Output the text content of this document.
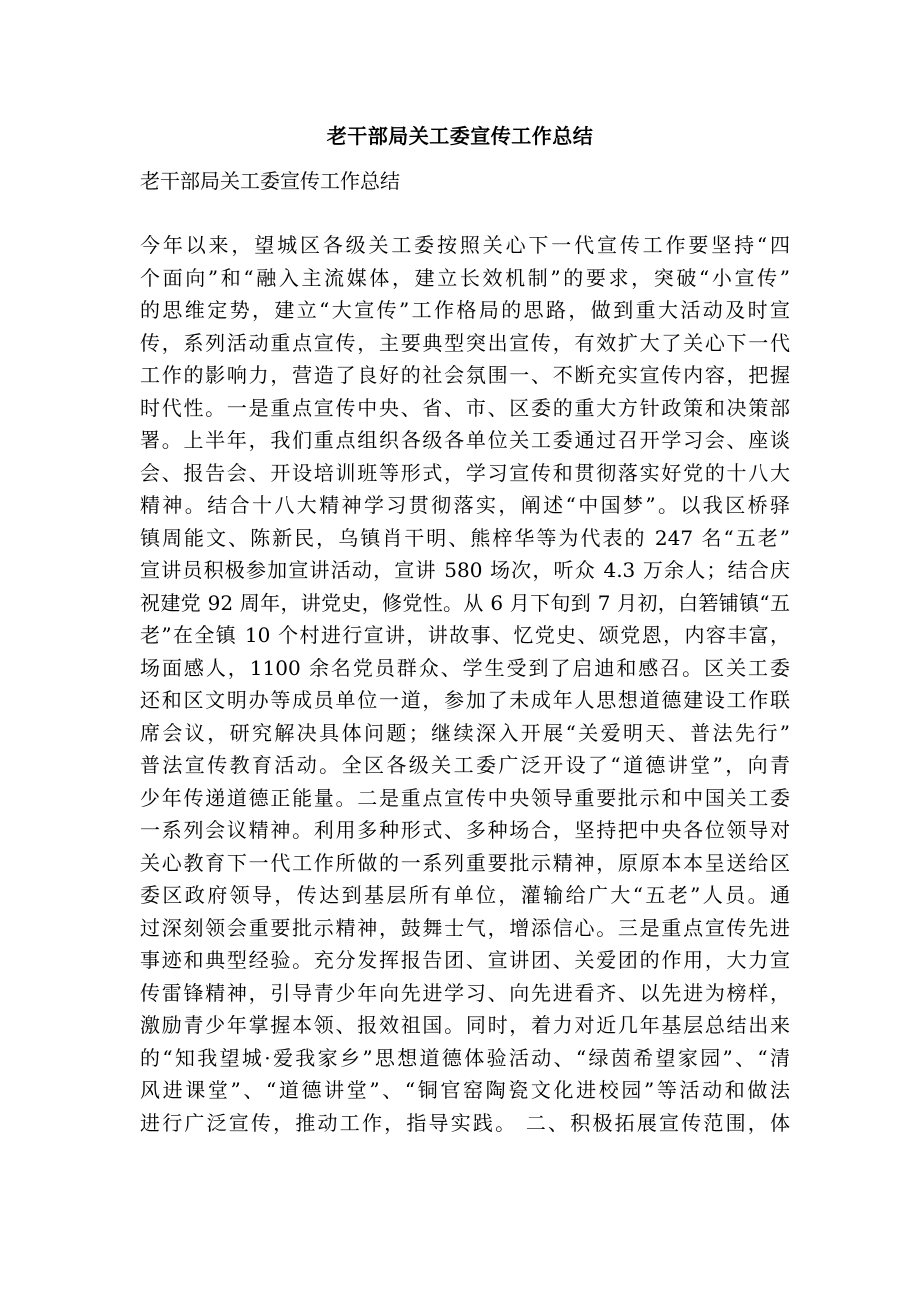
老干部局关工委宣传工作总结
老干部局关工委宣传工作总结
今年以来，望城区各级关工委按照关心下一代宣传工作要坚持“四
个面向”和“融入主流媒体，建立长效机制”的要求，突破“小宣传”
的思维定势，建立“大宣传”工作格局的思路，做到重大活动及时宣
传，系列活动重点宣传，主要典型突出宣传，有效扩大了关心下一代
工作的影响力，营造了良好的社会氛围一、不断充实宣传内容，把握
时代性。一是重点宣传中央、省、市、区委的重大方针政策和决策部
署。上半年，我们重点组织各级各单位关工委通过召开学习会、座谈
会、报告会、开设培训班等形式，学习宣传和贯彻落实好党的十八大
精神。结合十八大精神学习贯彻落实，阐述“中国梦”。以我区桥驿
镇周能文、陈新民，乌镇肖干明、熊梓华等为代表的 247 名“五老”
宣讲员积极参加宣讲活动，宣讲 580 场次，听众 4.3 万余人；结合庆
祝建党 92 周年，讲党史，修党性。从 6 月下旬到 7 月初，白箬铺镇“五
老”在全镇 10 个村进行宣讲，讲故事、忆党史、颂党恩，内容丰富，
场面感人，1100 余名党员群众、学生受到了启迪和感召。区关工委
还和区文明办等成员单位一道，参加了未成年人思想道德建设工作联
席会议，研究解决具体问题；继续深入开展“关爱明天、普法先行”
普法宣传教育活动。全区各级关工委广泛开设了“道德讲堂”，向青
少年传递道德正能量。二是重点宣传中央领导重要批示和中国关工委
一系列会议精神。利用多种形式、多种场合，坚持把中央各位领导对
关心教育下一代工作所做的一系列重要批示精神，原原本本呈送给区
委区政府领导，传达到基层所有单位，灌输给广大“五老”人员。通
过深刻领会重要批示精神，鼓舞士气，增添信心。三是重点宣传先进
事迹和典型经验。充分发挥报告团、宣讲团、关爱团的作用，大力宣
传雷锋精神，引导青少年向先进学习、向先进看齐、以先进为榜样，
激励青少年掌握本领、报效祖国。同时，着力对近几年基层总结出来
的“知我望城·爱我家乡”思想道德体验活动、“绿茵希望家园”、“清
风进课堂”、“道德讲堂”、“铜官窑陶瓷文化进校园”等活动和做法
进行广泛宣传，推动工作，指导实践。 二、积极拓展宣传范围，体
